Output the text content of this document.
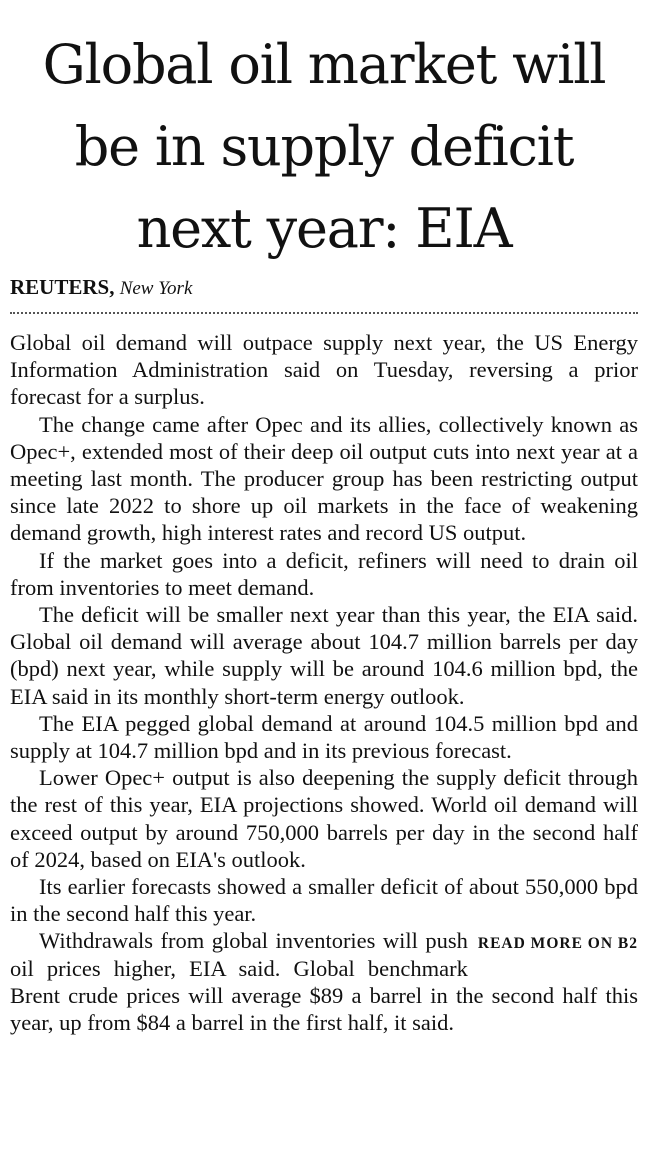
Global oil market will be in supply deficit next year: EIA
REUTERS, New York

Global oil demand will outpace supply next year, the US Energy Information Administration said on Tuesday, reversing a prior forecast for a surplus.

The change came after Opec and its allies, collectively known as Opec+, extended most of their deep oil output cuts into next year at a meeting last month. The producer group has been restricting output since late 2022 to shore up oil markets in the face of weakening demand growth, high interest rates and record US output.

If the market goes into a deficit, refiners will need to drain oil from inventories to meet demand.

The deficit will be smaller next year than this year, the EIA said. Global oil demand will average about 104.7 million barrels per day (bpd) next year, while supply will be around 104.6 million bpd, the EIA said in its monthly short-term energy outlook.

The EIA pegged global demand at around 104.5 million bpd and supply at 104.7 million bpd and in its previous forecast.

Lower Opec+ output is also deepening the supply deficit through the rest of this year, EIA projections showed. World oil demand will exceed output by around 750,000 barrels per day in the second half of 2024, based on EIA's outlook.

Its earlier forecasts showed a smaller deficit of about 550,000 bpd in the second half this year.

READ MORE ON B2
Withdrawals from global inventories will push oil prices higher, EIA said. Global benchmark Brent crude prices will average $89 a barrel in the second half this year, up from $84 a barrel in the first half, it said.
